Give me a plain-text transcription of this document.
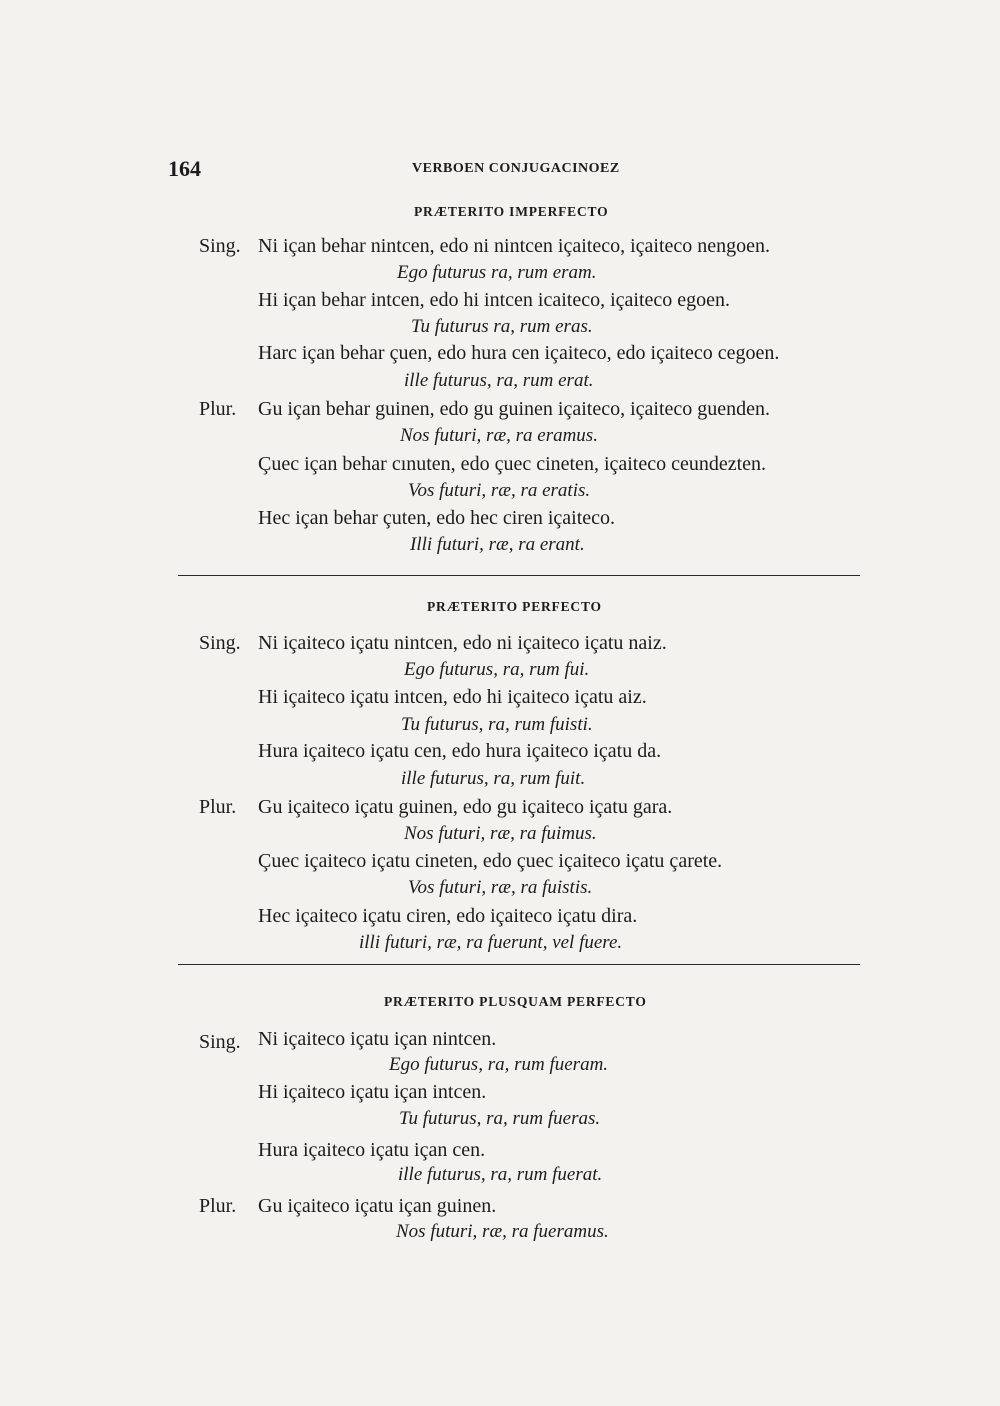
164	VERBOEN CONJUGACINOEZ
PRÆTERITO IMPERFECTO
Sing. Ni içan behar nintcen, edo ni nintcen içaiteco, içaiteco nengoen.
Ego futurus ra, rum eram.
Hi içan behar intcen, edo hi intcen icaiteco, içaiteco egoen.
Tu futurus ra, rum eras.
Harc içan behar çuen, edo hura cen içaiteco, edo içaiteco cegoen.
ille futurus, ra, rum erat.
Plur. Gu içan behar guinen, edo gu guinen içaiteco, içaiteco guenden.
Nos futuri, ræ, ra eramus.
Çuec içan behar cınuten, edo çuec cineten, içaiteco ceundezten.
Vos futuri, ræ, ra eratis.
Hec içan behar çuten, edo hec ciren içaiteco.
Illi futuri, ræ, ra erant.
PRÆTERITO PERFECTO
Sing. Ni içaiteco içatu nintcen, edo ni içaiteco içatu naiz.
Ego futurus, ra, rum fui.
Hi içaiteco içatu intcen, edo hi içaiteco içatu aiz.
Tu futurus, ra, rum fuisti.
Hura içaiteco içatu cen, edo hura içaiteco içatu da.
ille futurus, ra, rum fuit.
Plur. Gu içaiteco içatu guinen, edo gu içaiteco içatu gara.
Nos futuri, ræ, ra fuimus.
Çuec içaiteco içatu cineten, edo çuec içaiteco içatu çarete.
Vos futuri, ræ, ra fuistis.
Hec içaiteco içatu ciren, edo içaiteco içatu dira.
illi futuri, ræ, ra fuerunt, vel fuere.
PRÆTERITO PLUSQUAM PERFECTO
Sing. Ni içaiteco içatu içan nintcen.
Ego futurus, ra, rum fueram.
Hi içaiteco içatu içan intcen.
Tu futurus, ra, rum fueras.
Hura içaiteco içatu içan cen.
ille futurus, ra, rum fuerat.
Plur. Gu içaiteco içatu içan guinen.
Nos futuri, ræ, ra fueramus.
